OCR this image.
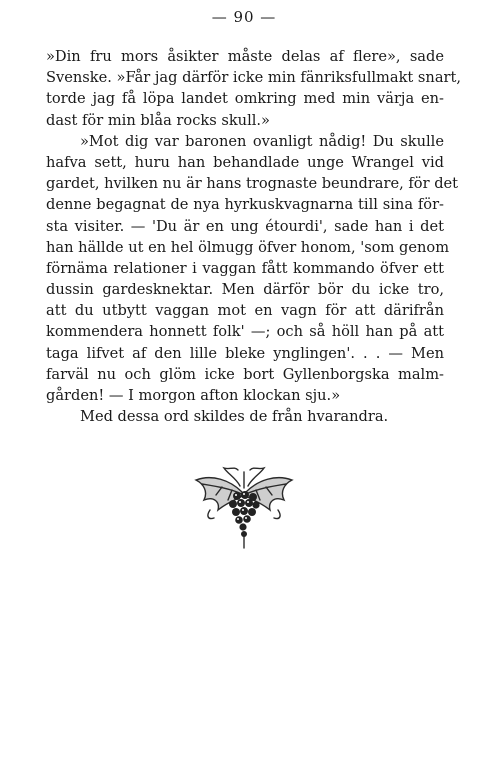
— 90 —
»Din fru mors åsikter måste delas af flere», sade
Svenske. »Får jag därför icke min fänriksfullmakt snart,
torde jag få löpa landet omkring med min värja en-
dast för min blåa rocks skull.»
»Mot dig var baronen ovanligt nådig! Du skulle
hafva sett, huru han behandlade unge Wrangel vid
gardet, hvilken nu är hans trognaste beundrare, för det
denne begagnat de nya hyrkuskvagnarna till sina för-
sta visiter. — 'Du är en ung étourdi', sade han i det
han hällde ut en hel ölmugg öfver honom, 'som genom
förnäma relationer i vaggan fått kommando öfver ett
dussin gardesknektar. Men därför bör du icke tro,
att du utbytt vaggan mot en vagn för att därifrån
kommendera honnett folk' —; och så höll han på att
taga lifvet af den lille bleke ynglingen'. . . — Men
farväl nu och glöm icke bort Gyllenborgska malm-
gården! — I morgon afton klockan sju.»
Med dessa ord skildes de från hvarandra.
